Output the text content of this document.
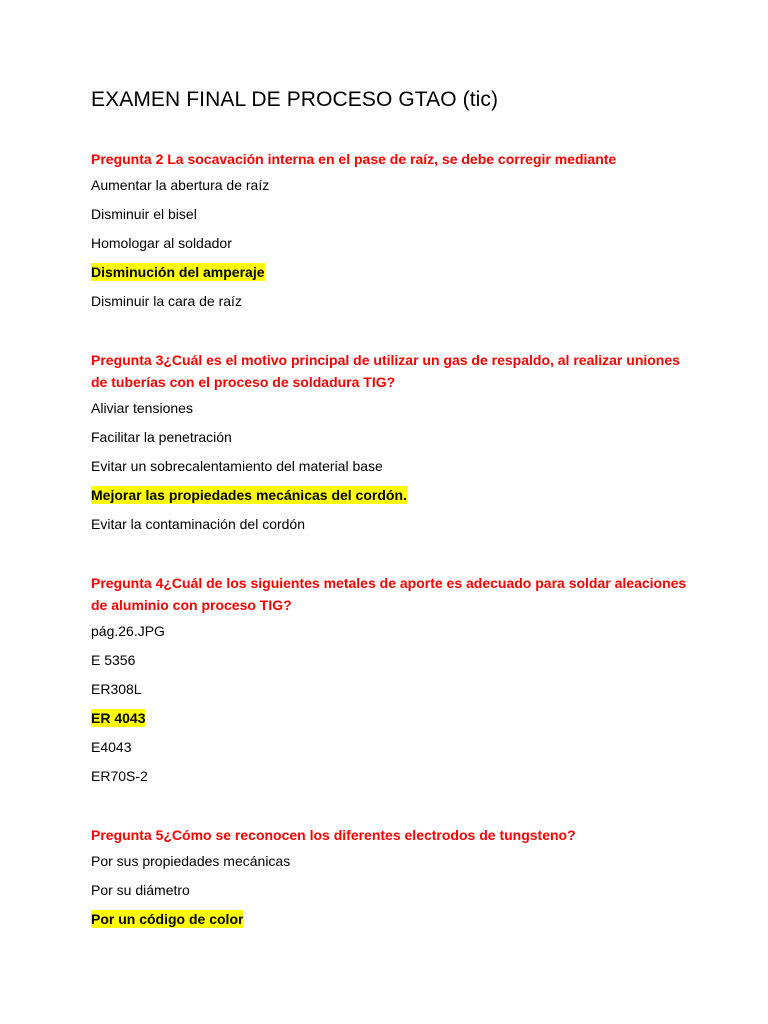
EXAMEN FINAL DE PROCESO GTAO (tic)

Pregunta 2 La socavación interna en el pase de raíz, se debe corregir mediante

Aumentar la abertura de raíz
Disminuir el bisel
Homologar al soldador
Disminución del amperaje
Disminuir la cara de raíz

Pregunta 3¿Cuál es el motivo principal de utilizar un gas de respaldo, al realizar uniones de tuberías con el proceso de soldadura TIG?

Aliviar tensiones
Facilitar la penetración
Evitar un sobrecalentamiento del material base
Mejorar las propiedades mecánicas del cordón.
Evitar la contaminación del cordón

Pregunta 4¿Cuál de los siguientes metales de aporte es adecuado para soldar aleaciones de aluminio con proceso TIG?

pág.26.JPG
E 5356
ER308L
ER 4043
E4043
ER70S-2

Pregunta 5¿Cómo se reconocen los diferentes electrodos de tungsteno?

Por sus propiedades mecánicas
Por su diámetro
Por un código de color
